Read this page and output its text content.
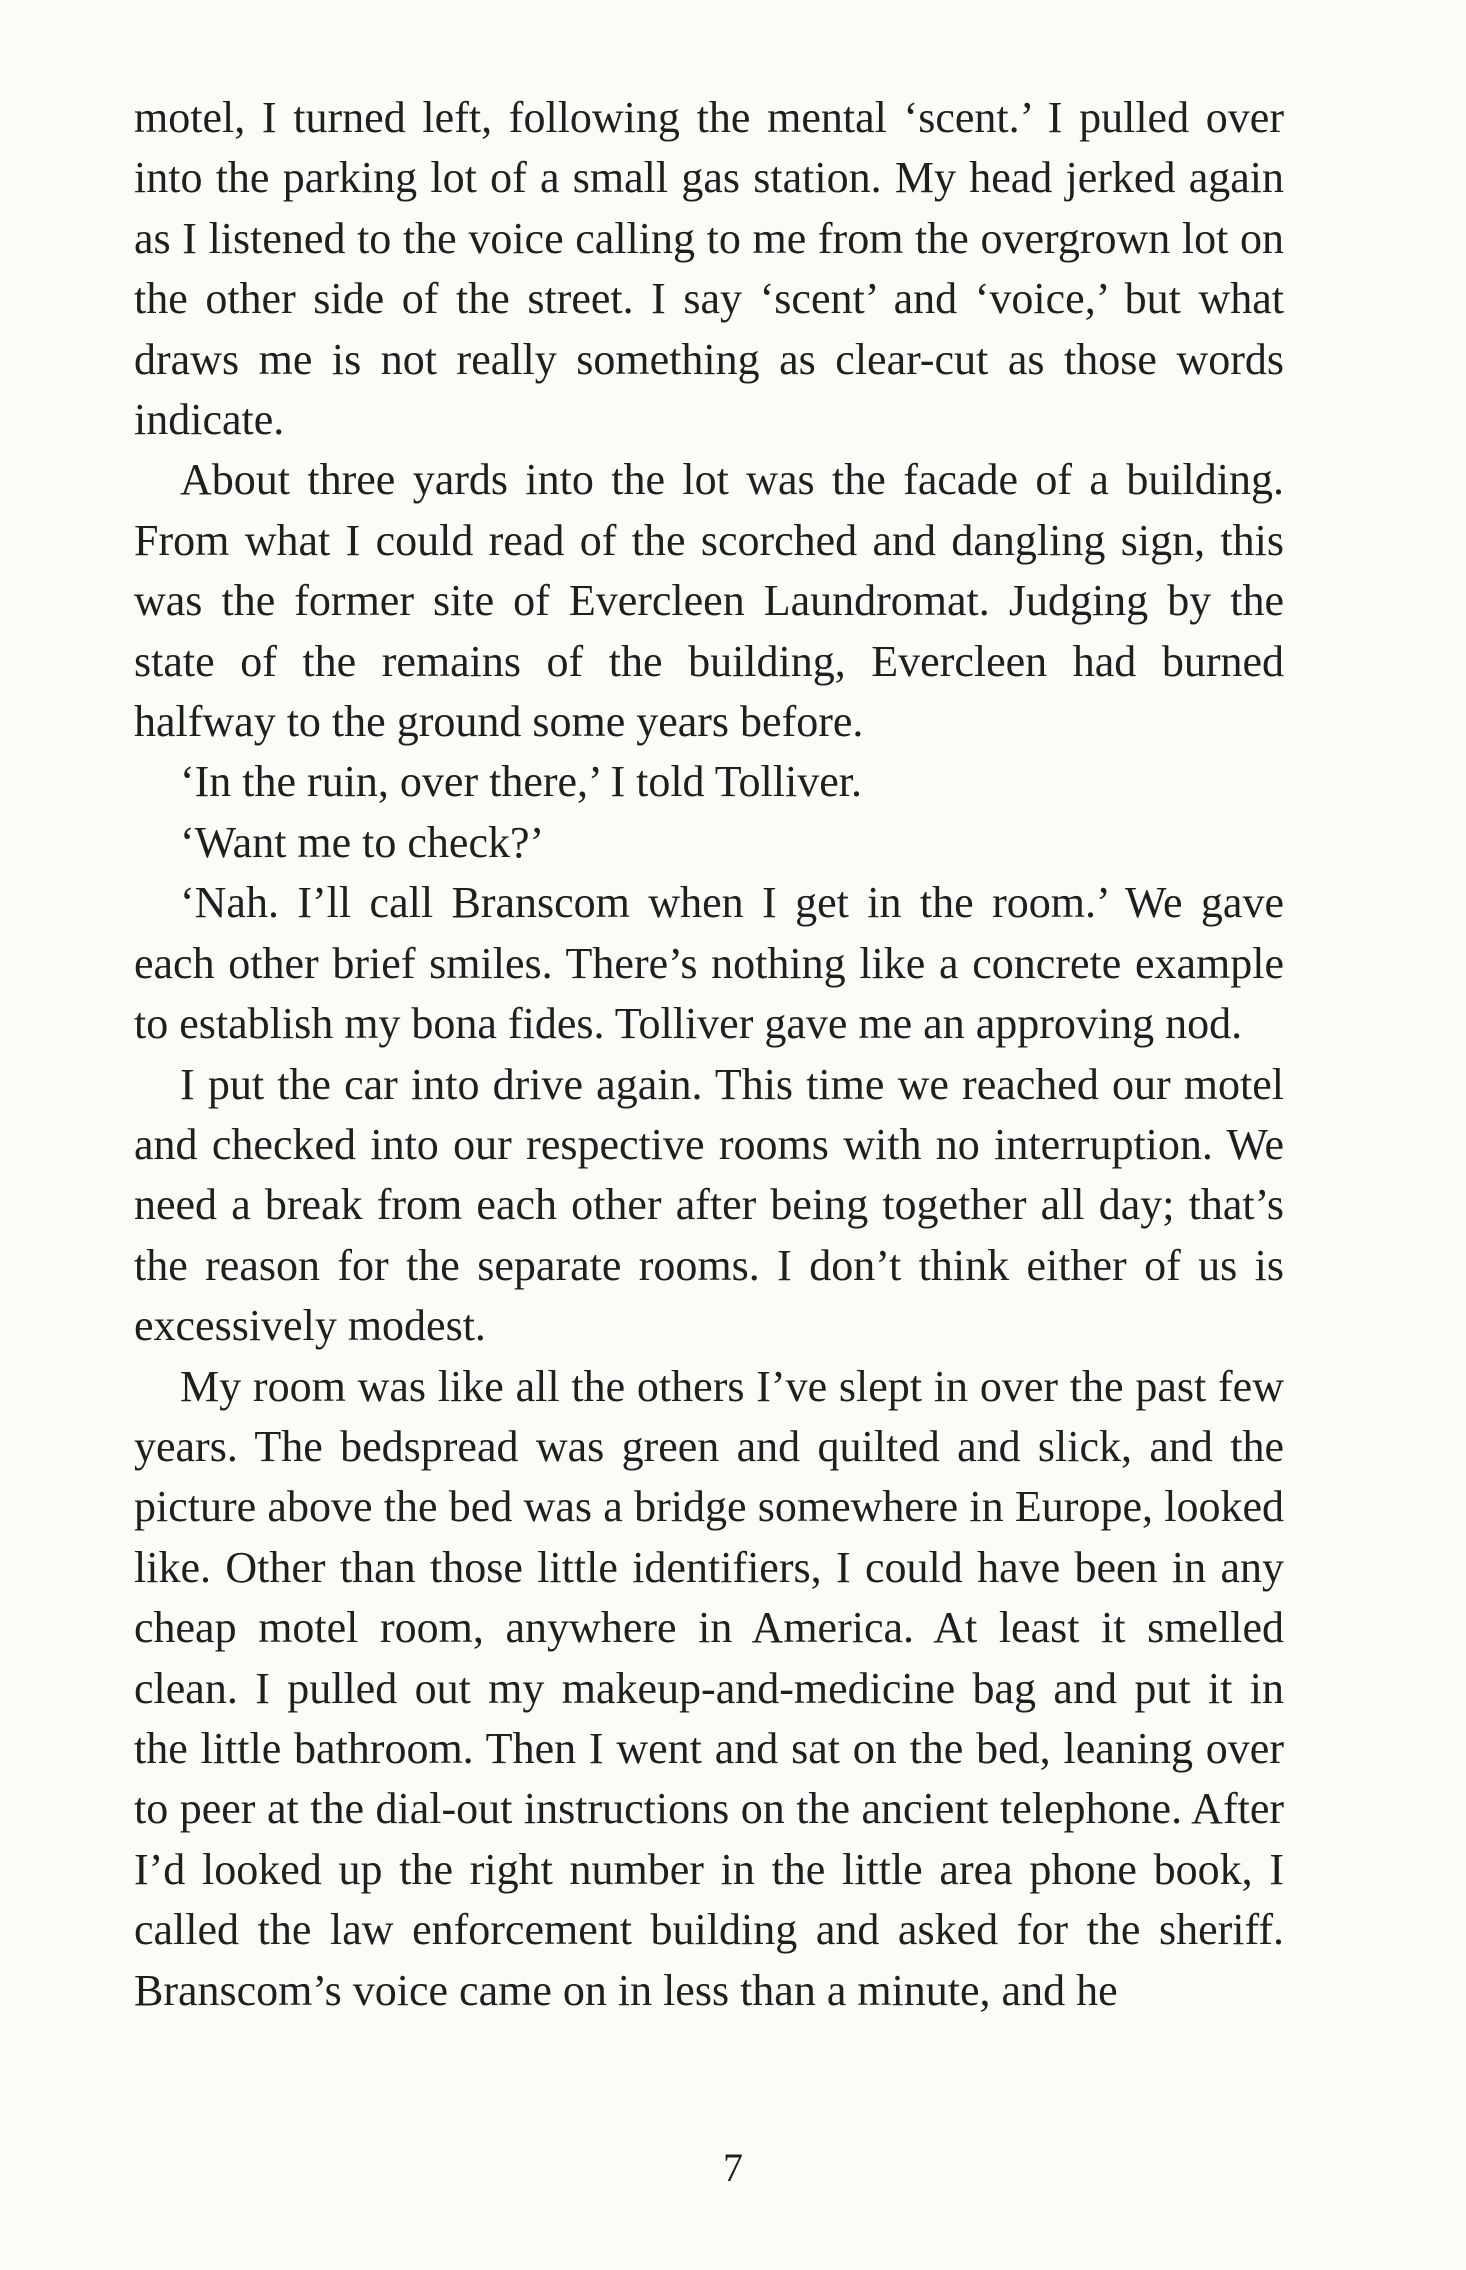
motel, I turned left, following the mental ‘scent.’ I pulled over into the parking lot of a small gas station. My head jerked again as I listened to the voice calling to me from the overgrown lot on the other side of the street. I say ‘scent’ and ‘voice,’ but what draws me is not really something as clear-cut as those words indicate.

About three yards into the lot was the facade of a building. From what I could read of the scorched and dangling sign, this was the former site of Evercleen Laundromat. Judging by the state of the remains of the building, Evercleen had burned halfway to the ground some years before.

‘In the ruin, over there,’ I told Tolliver.

‘Want me to check?’

‘Nah. I’ll call Branscom when I get in the room.’ We gave each other brief smiles. There’s nothing like a concrete example to establish my bona fides. Tolliver gave me an approving nod.

I put the car into drive again. This time we reached our motel and checked into our respective rooms with no interruption. We need a break from each other after being together all day; that’s the reason for the separate rooms. I don’t think either of us is excessively modest.

My room was like all the others I’ve slept in over the past few years. The bedspread was green and quilted and slick, and the picture above the bed was a bridge somewhere in Europe, looked like. Other than those little identifiers, I could have been in any cheap motel room, anywhere in America. At least it smelled clean. I pulled out my makeup-and-medicine bag and put it in the little bathroom. Then I went and sat on the bed, leaning over to peer at the dial-out instructions on the ancient telephone. After I’d looked up the right number in the little area phone book, I called the law enforcement building and asked for the sheriff. Branscom’s voice came on in less than a minute, and he

7
